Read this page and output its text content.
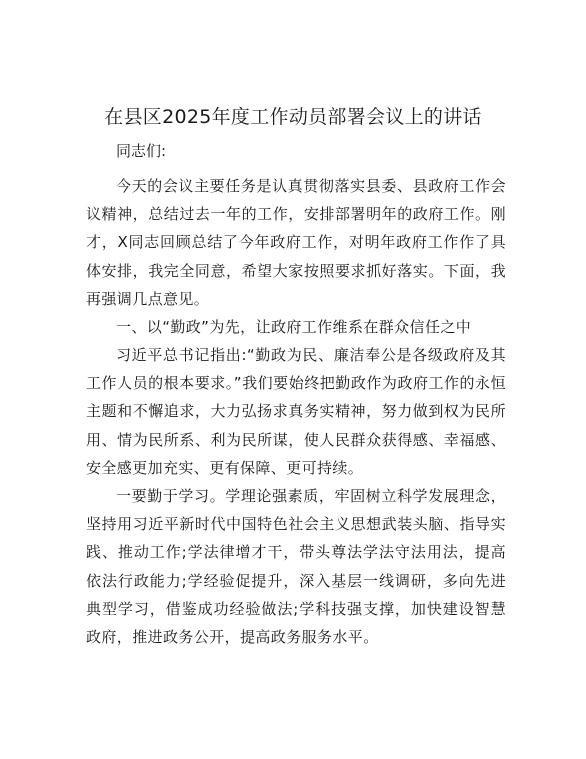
在县区2025年度工作动员部署会议上的讲话

同志们:

今天的会议主要任务是认真贯彻落实县委、县政府工作会议精神，总结过去一年的工作，安排部署明年的政府工作。刚才，X同志回顾总结了今年政府工作，对明年政府工作作了具体安排，我完全同意，希望大家按照要求抓好落实。下面，我再强调几点意见。

一、以“勤政”为先，让政府工作维系在群众信任之中

习近平总书记指出:“勤政为民、廉洁奉公是各级政府及其工作人员的根本要求。”我们要始终把勤政作为政府工作的永恒主题和不懈追求，大力弘扬求真务实精神，努力做到权为民所用、情为民所系、利为民所谋，使人民群众获得感、幸福感、安全感更加充实、更有保障、更可持续。

一要勤于学习。学理论强素质，牢固树立科学发展理念，坚持用习近平新时代中国特色社会主义思想武装头脑、指导实践、推动工作;学法律增才干，带头尊法学法守法用法，提高依法行政能力;学经验促提升，深入基层一线调研，多向先进典型学习，借鉴成功经验做法;学科技强支撑，加快建设智慧政府，推进政务公开，提高政务服务水平。
